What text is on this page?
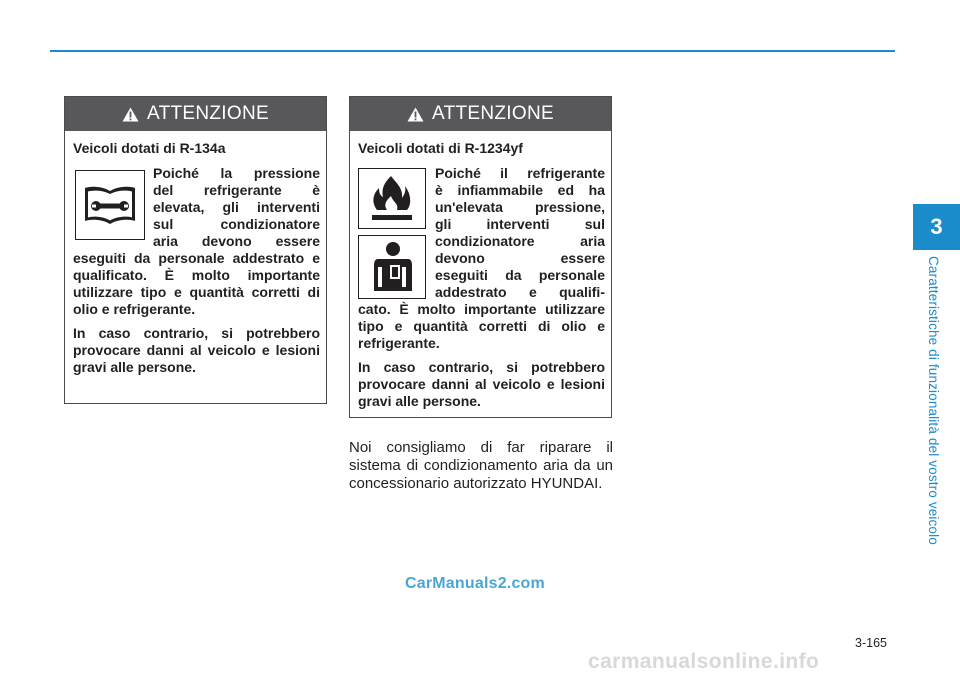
3
Caratteristiche di funzionalità del vostro veicolo
ATTENZIONE

Veicoli dotati di R-134a

Poiché la pressione
del refrigerante è
elevata, gli interventi
sul	condizionatore
aria devono essere
eseguiti da personale addestrato e qualificato. È molto importante utilizzare tipo e quantità corretti di olio e refrigerante.
In caso contrario, si potrebbero provocare danni al veicolo e lesioni gravi alle persone.
ATTENZIONE

Veicoli dotati di R-1234yf

Poiché il refrigerante
è infiammabile ed ha
un'elevata pressione,
gli	interventi	sul
condizionatore	aria
devono	essere
eseguiti da personale
addestrato e qualifi-
cato. È molto importante utilizzare tipo e quantità corretti di olio e refrigerante.
In caso contrario, si potrebbero provocare danni al veicolo e lesioni gravi alle persone.
Noi consigliamo di far riparare il sistema di condizionamento aria da un concessionario autorizzato HYUNDAI.
CarManuals2.com
carmanualsonline.info
3-165
